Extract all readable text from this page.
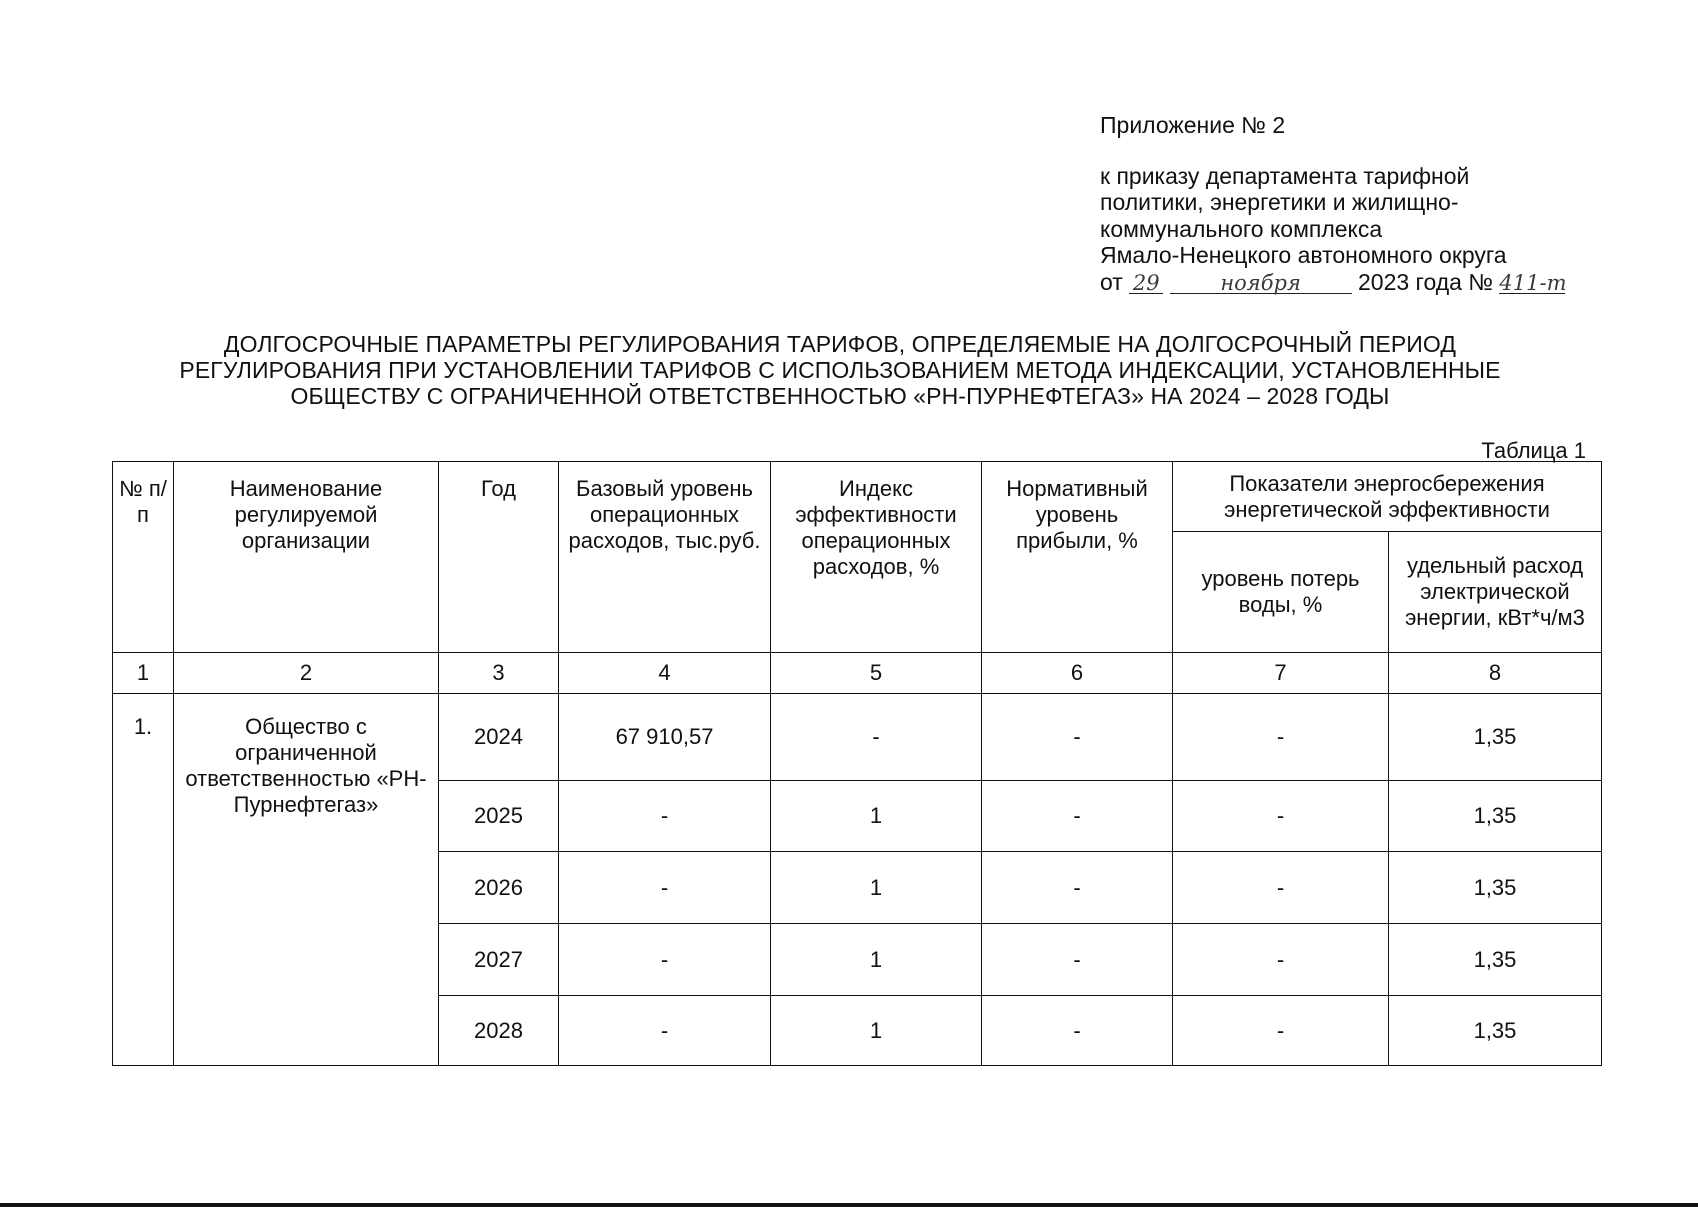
Приложение № 2
к приказу департамента тарифной
политики, энергетики и жилищно-
коммунального комплекса
Ямало-Ненецкого автономного округа
от 29	ноября 2023 года № 411-т
ДОЛГОСРОЧНЫЕ ПАРАМЕТРЫ РЕГУЛИРОВАНИЯ ТАРИФОВ, ОПРЕДЕЛЯЕМЫЕ НА ДОЛГОСРОЧНЫЙ ПЕРИОД
РЕГУЛИРОВАНИЯ ПРИ УСТАНОВЛЕНИИ ТАРИФОВ С ИСПОЛЬЗОВАНИЕМ МЕТОДА ИНДЕКСАЦИИ, УСТАНОВЛЕННЫЕ
ОБЩЕСТВУ С ОГРАНИЧЕННОЙ ОТВЕТСТВЕННОСТЬЮ «РН-ПУРНЕФТЕГАЗ» НА 2024 – 2028 ГОДЫ
Таблица 1
№ п/п	Наименование регулируемой организации	Год	Базовый уровень операционных расходов, тыс.руб.	Индекс эффективности операционных расходов, %	Нормативный уровень прибыли, %	Показатели энергосбережения энергетической эффективности	
						уровень потерь воды, %	удельный расход электрической энергии, кВт*ч/м3
1	2	3	4	5	6	7	8
1.	Общество с ограниченной ответственностью «РН-Пурнефтегаз»	2024	67 910,57	-	-	-	1,35
		2025	-	1	-	-	1,35
		2026	-	1	-	-	1,35
		2027	-	1	-	-	1,35
		2028	-	1	-	-	1,35
